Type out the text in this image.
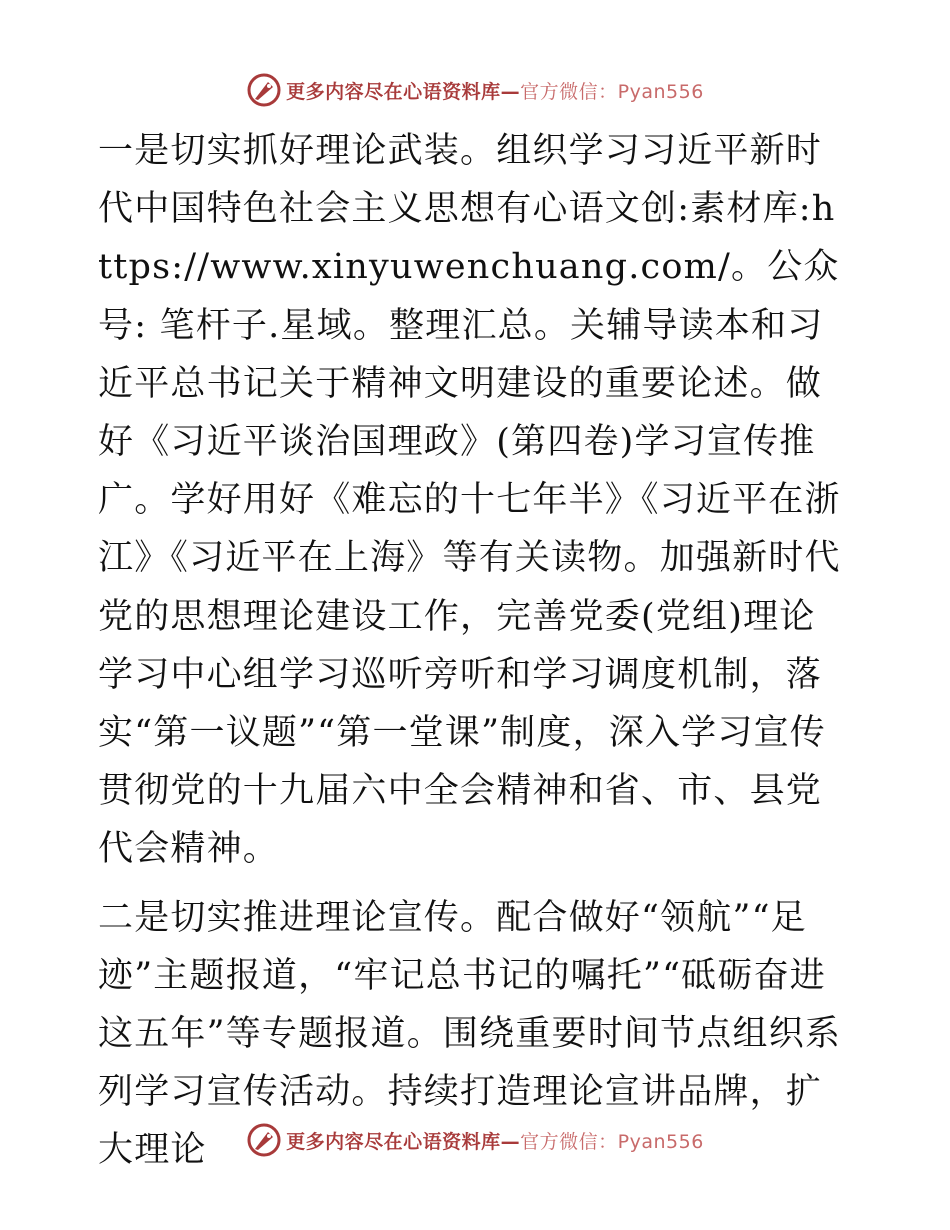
更多内容尽在心语资料库—官方微信：Pyan556

一是切实抓好理论武装。组织学习习近平新时代中国特色社会主义思想有心语文创:素材库:https://www.xinyuwenchuang.com/。公众号: 笔杆子.星域。整理汇总。关辅导读本和习近平总书记关于精神文明建设的重要论述。做好《习近平谈治国理政》(第四卷)学习宣传推广。学好用好《难忘的十七年半》《习近平在浙江》《习近平在上海》等有关读物。加强新时代党的思想理论建设工作，完善党委(党组)理论学习中心组学习巡听旁听和学习调度机制，落实“第一议题”“第一堂课”制度，深入学习宣传贯彻党的十九届六中全会精神和省、市、县党代会精神。

二是切实推进理论宣传。配合做好“领航”“足迹”主题报道，“牢记总书记的嘱托”“砥砺奋进这五年”等专题报道。围绕重要时间节点组织系列学习宣传活动。持续打造理论宣讲品牌，扩大理论	更多内容尽在心语资料库—官方微信：Pyan556
